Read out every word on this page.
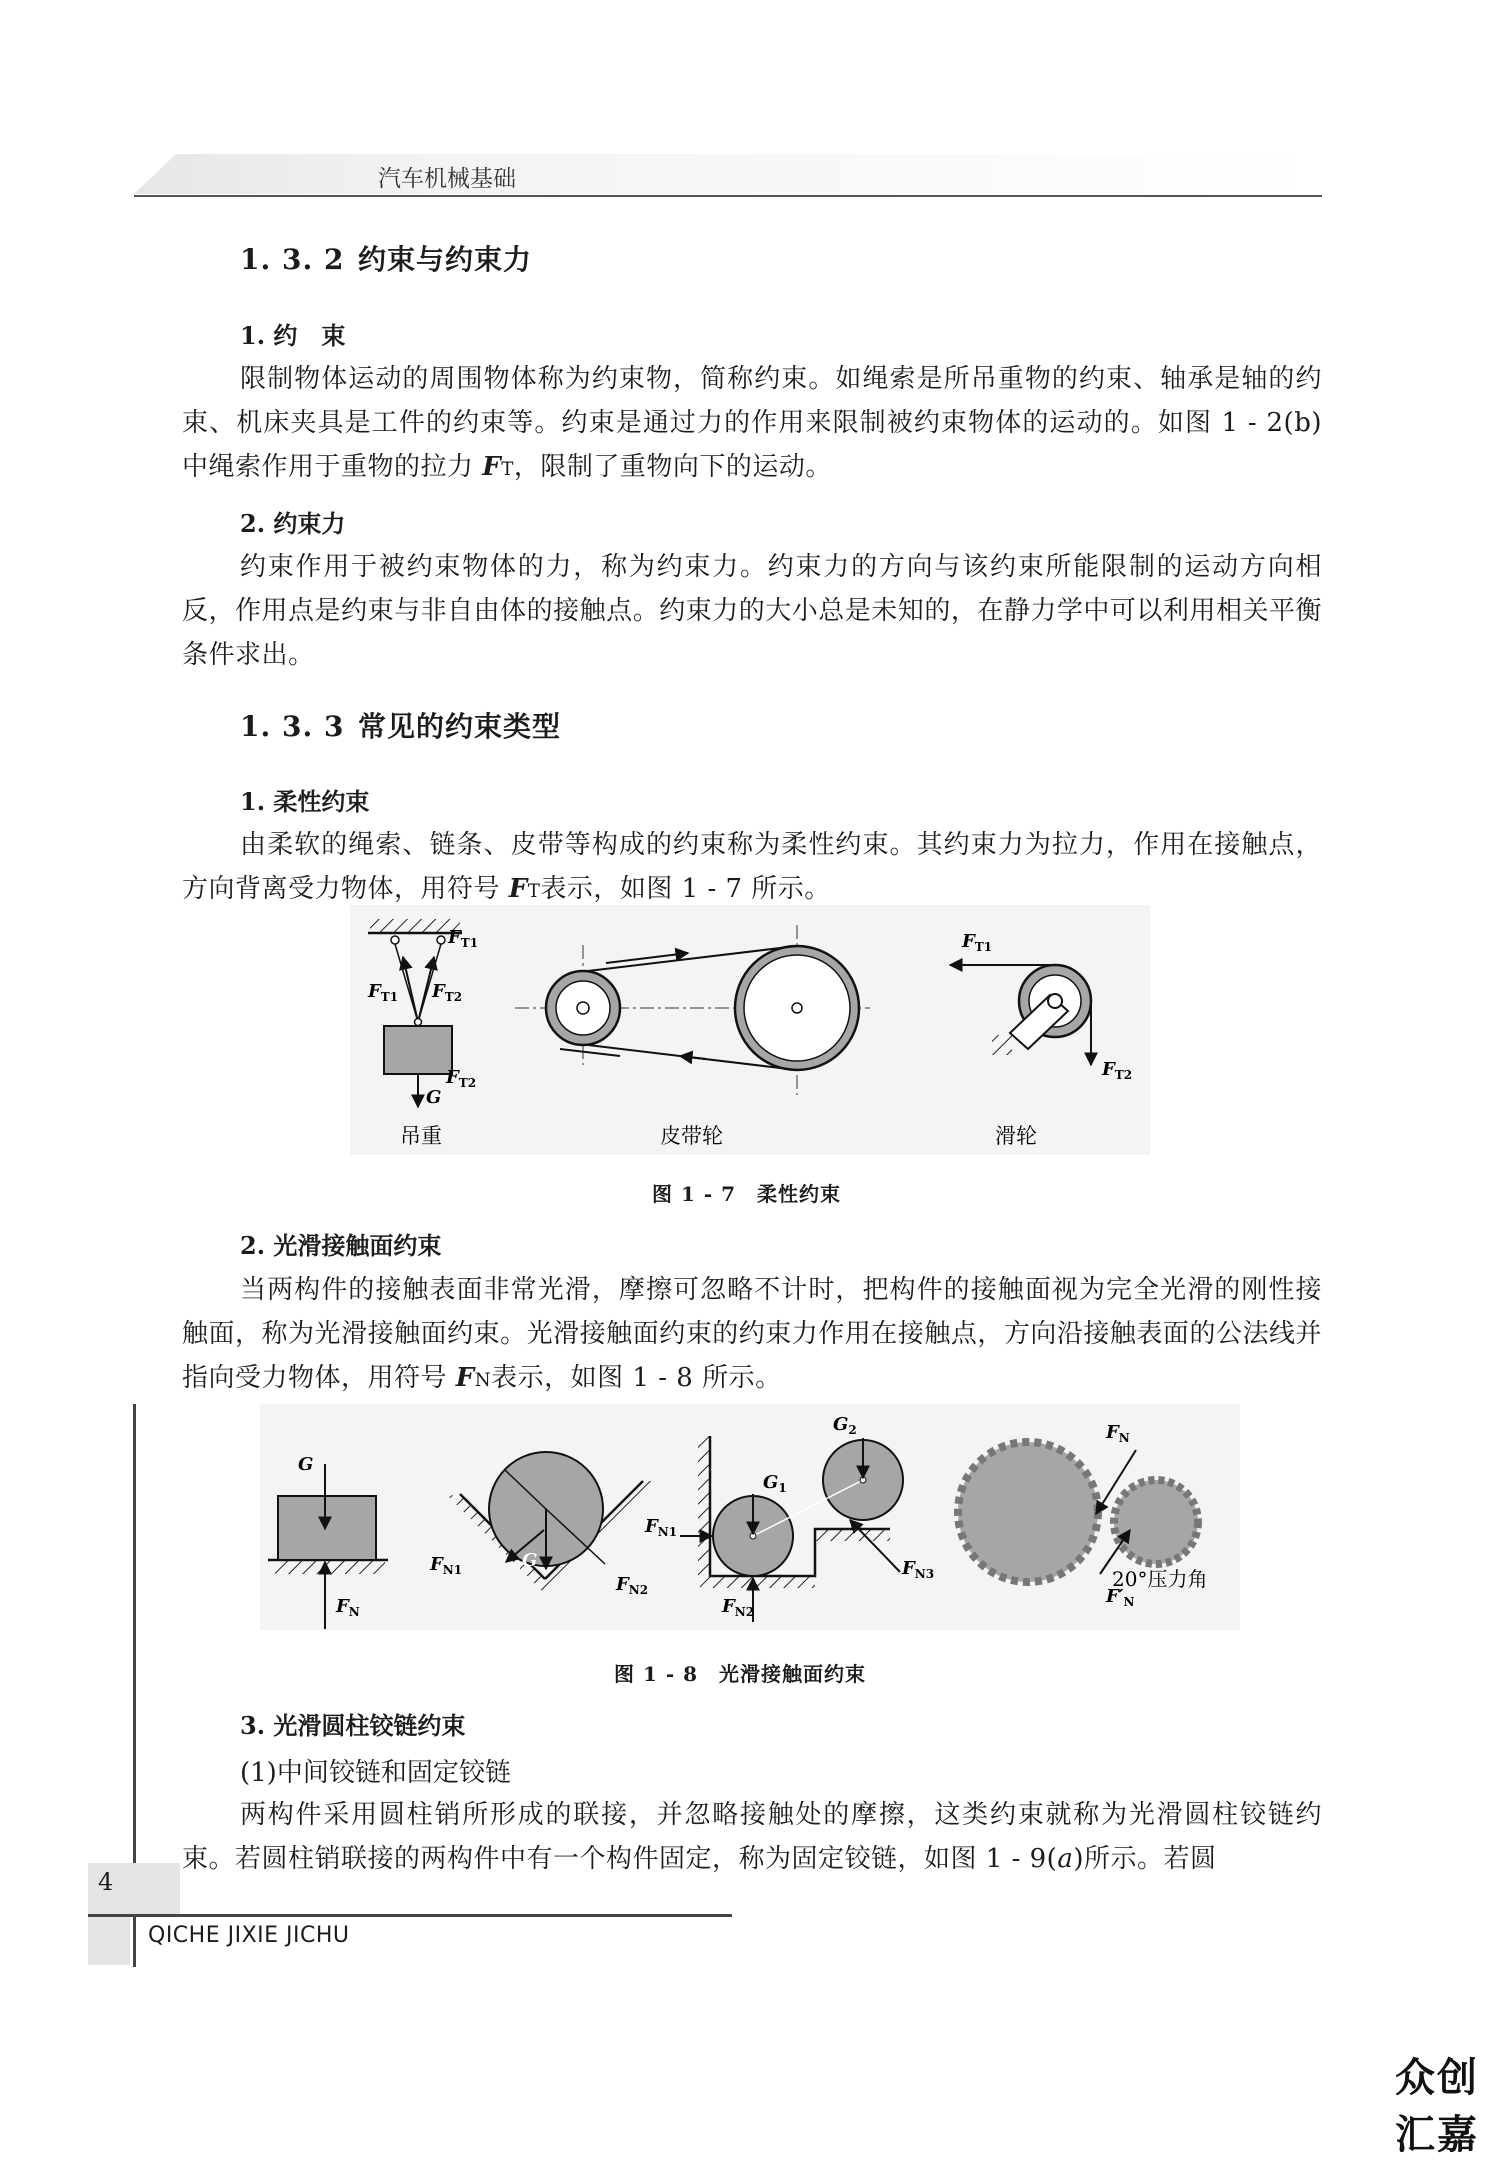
汽车机械基础
1. 3. 2 约束与约束力
1. 约　束

限制物体运动的周围物体称为约束物，简称约束。如绳索是所吊重物的约束、轴承是轴的约束、机床夹具是工件的约束等。约束是通过力的作用来限制被约束物体的运动的。如图 1 - 2(b) 中绳索作用于重物的拉力 FT，限制了重物向下的运动。

2. 约束力

约束作用于被约束物体的力，称为约束力。约束力的方向与该约束所能限制的运动方向相反，作用点是约束与非自由体的接触点。约束力的大小总是未知的，在静力学中可以利用相关平衡条件求出。

1. 3. 3 常见的约束类型
1. 柔性约束

由柔软的绳索、链条、皮带等构成的约束称为柔性约束。其约束力为拉力，作用在接触点，方向背离受力物体，用符号 FT表示，如图 1 - 7 所示。

$F_{T1}$ $F_{T2}$
G
吊重
$F_{T1}$
$F_{T2}$
皮带轮
$F_{T1}$
$F_{T2}$
滑轮
图 1 - 7　柔性约束
2. 光滑接触面约束

当两构件的接触表面非常光滑，摩擦可忽略不计时，把构件的接触面视为完全光滑的刚性接触面，称为光滑接触面约束。光滑接触面约束的约束力作用在接触点，方向沿接触表面的公法线并指向受力物体，用符号 FN表示，如图 1 - 8 所示。

G
$F_N$
G
$F_{N1}$
$F_{N2}$
$F_{N1}$
$F_{N2}$
$F_{N3}$
$G_1$
$G_2$	$F_N$
20°压力角
$F'_N$
图 1 - 8　光滑接触面约束
3. 光滑圆柱铰链约束
(1)中间铰链和固定铰链

两构件采用圆柱销所形成的联接，并忽略接触处的摩擦，这类约束就称为光滑圆柱铰链约束。若圆柱销联接的两构件中有一个构件固定，称为固定铰链，如图 1 - 9(a)所示。若圆

4
QICHE JIXIE JICHU
众创汇嘉
